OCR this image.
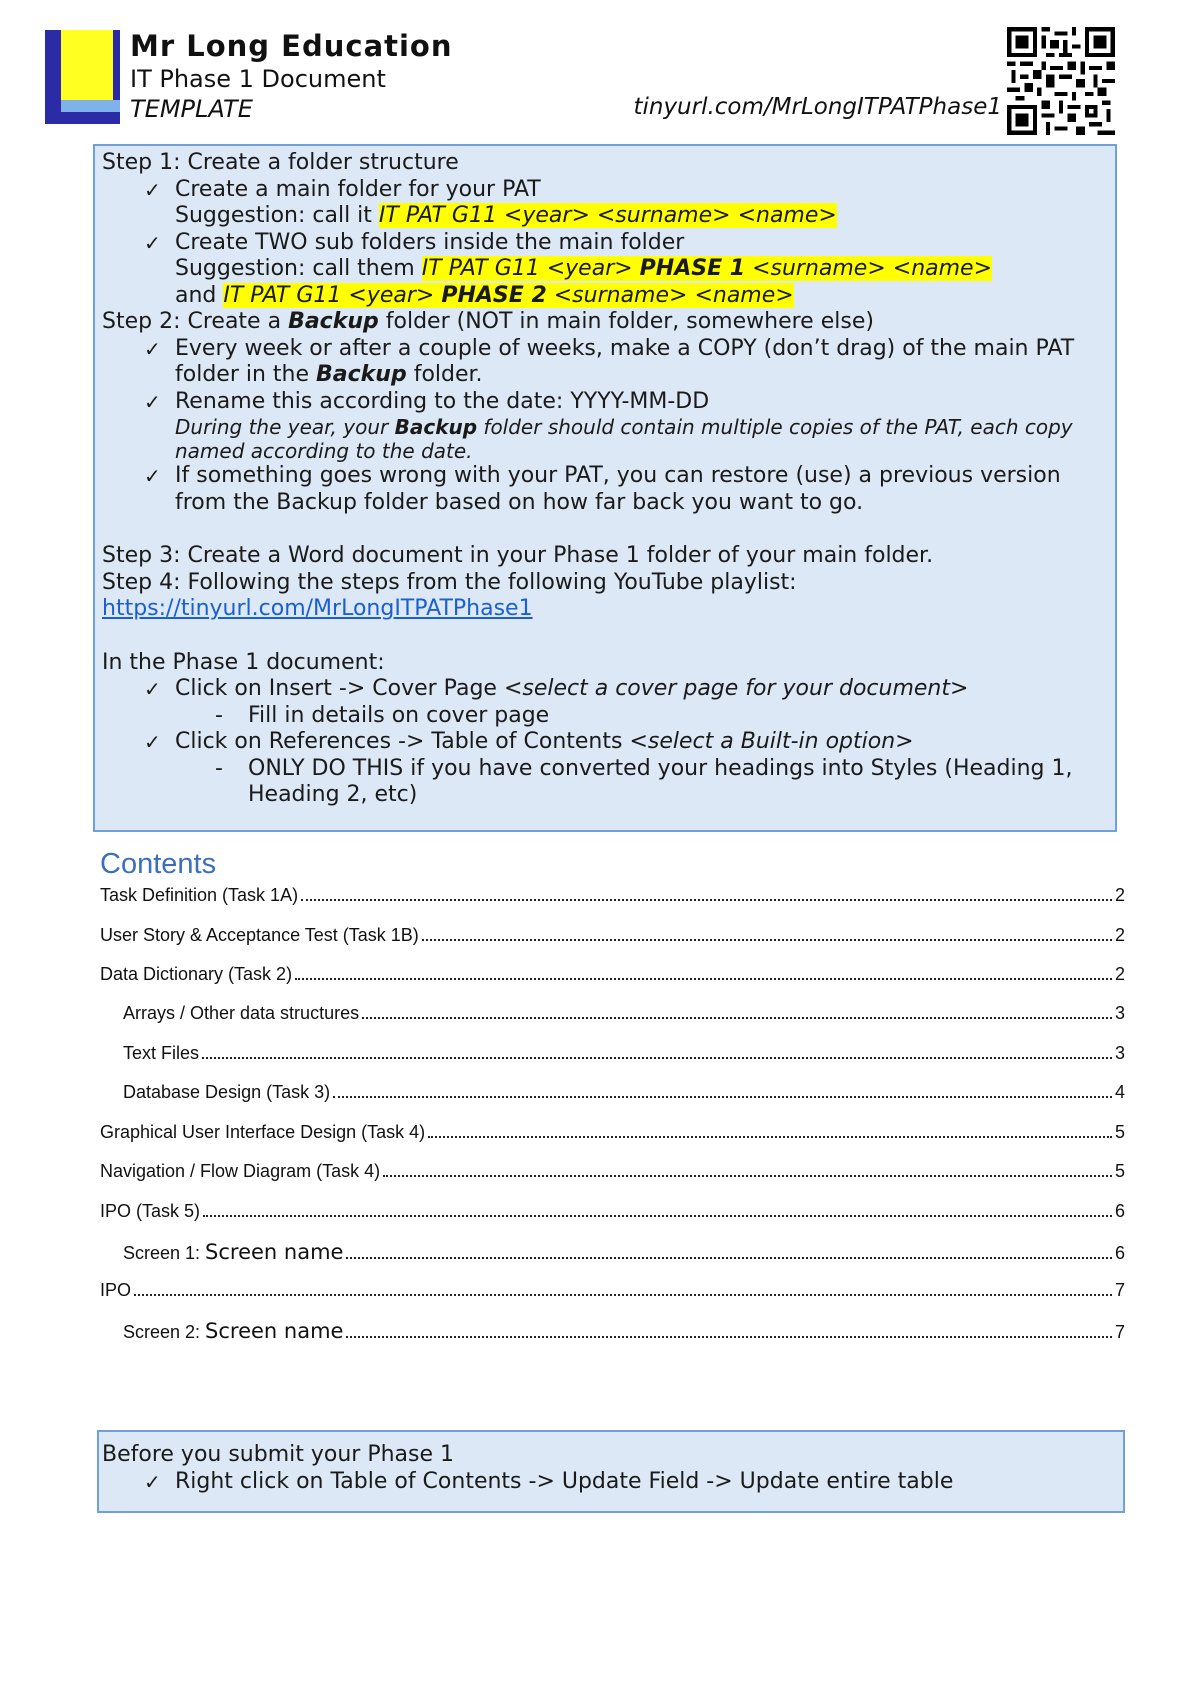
Mr Long Education
IT Phase 1 Document
TEMPLATE	tinyurl.com/MrLongITPATPhase1
Step 1: Create a folder structure
✓ Create a main folder for your PAT
Suggestion: call it IT PAT G11 <year> <surname> <name>
✓ Create TWO sub folders inside the main folder
Suggestion: call them IT PAT G11 <year> PHASE 1 <surname> <name>
and IT PAT G11 <year> PHASE 2 <surname> <name>
Step 2: Create a Backup folder (NOT in main folder, somewhere else)
✓ Every week or after a couple of weeks, make a COPY (don’t drag) of the main PAT
folder in the Backup folder.
✓ Rename this according to the date: YYYY-MM-DD
During the year, your Backup folder should contain multiple copies of the PAT, each copy
named according to the date.
✓ If something goes wrong with your PAT, you can restore (use) a previous version
from the Backup folder based on how far back you want to go.
Step 3: Create a Word document in your Phase 1 folder of your main folder.
Step 4: Following the steps from the following YouTube playlist:
https://tinyurl.com/MrLongITPATPhase1
In the Phase 1 document:
✓ Click on Insert -> Cover Page <select a cover page for your document>
- Fill in details on cover page
✓ Click on References -> Table of Contents <select a Built-in option>
- ONLY DO THIS if you have converted your headings into Styles (Heading 1,
Heading 2, etc)
Contents
Task Definition (Task 1A)	2
User Story & Acceptance Test (Task 1B)	2
Data Dictionary (Task 2)	2
Arrays / Other data structures	3
Text Files	3
Database Design (Task 3)	4
Graphical User Interface Design (Task 4)	5
Navigation / Flow Diagram (Task 4)	5
IPO (Task 5)	6
Screen 1: Screen name	6
IPO	7
Screen 2: Screen name	7
Before you submit your Phase 1
✓ Right click on Table of Contents -> Update Field -> Update entire table
